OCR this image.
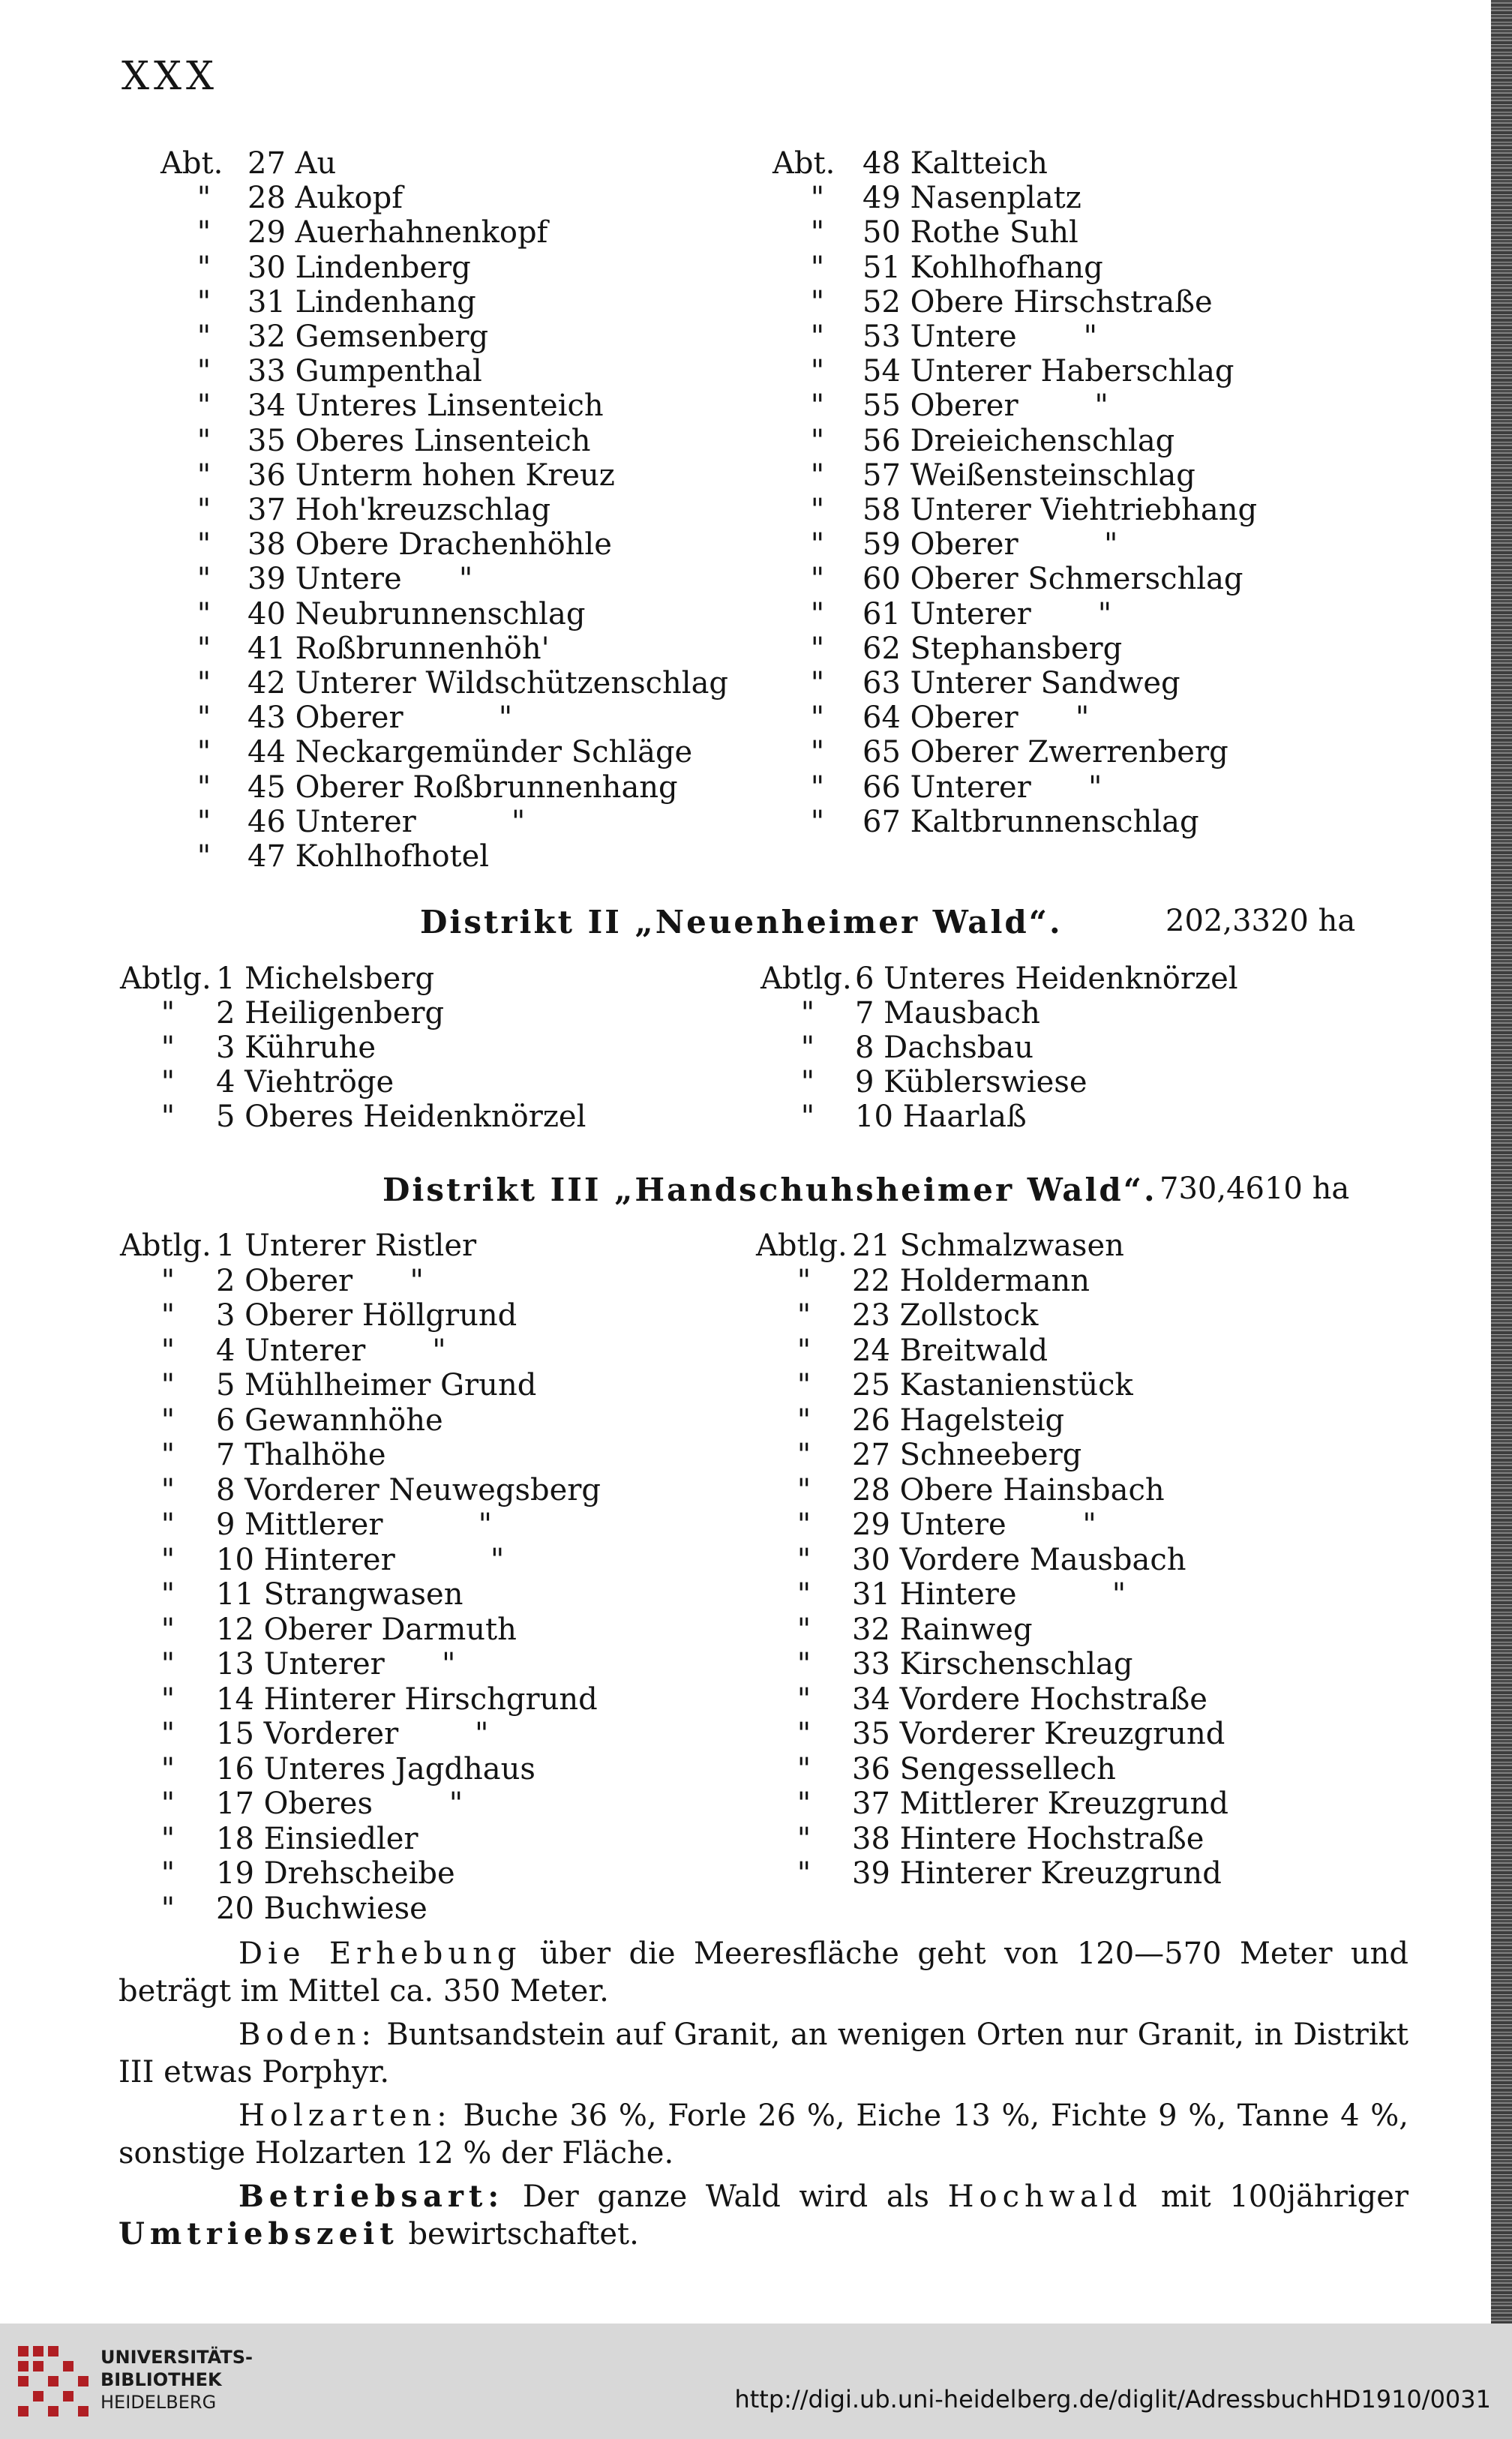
XXX
Abt. 27 Au
" 28 Aukopf
" 29 Auerhahnenkopf
" 30 Lindenberg
" 31 Lindenhang
" 32 Gemsenberg
" 33 Gumpenthal
" 34 Unteres Linsenteich
" 35 Oberes Linsenteich
" 36 Unterm hohen Kreuz
" 37 Hoh'kreuzschlag
" 38 Obere Drachenhöhle
" 39 Untere      "
" 40 Neubrunnenschlag
" 41 Roßbrunnenhöh'
" 42 Unterer Wildschützenschlag
" 43 Oberer          "
" 44 Neckargemünder Schläge
" 45 Oberer Roßbrunnenhang
" 46 Unterer          "
" 47 Kohlhofhotel
Abt. 48 Kaltteich
" 49 Nasenplatz
" 50 Rothe Suhl
" 51 Kohlhofhang
" 52 Obere Hirschstraße
" 53 Untere       "
" 54 Unterer Haberschlag
" 55 Oberer        "
" 56 Dreieichenschlag
" 57 Weißensteinschlag
" 58 Unterer Viehtriebhang
" 59 Oberer         "
" 60 Oberer Schmerschlag
" 61 Unterer       "
" 62 Stephansberg
" 63 Unterer Sandweg
" 64 Oberer      "
" 65 Oberer Zwerrenberg
" 66 Unterer      "
" 67 Kaltbrunnenschlag
Distrikt II „Neuenheimer Wald“.	202,3320 ha
Abtlg. 1 Michelsberg
" 2 Heiligenberg
" 3 Kühruhe
" 4 Viehtröge
" 5 Oberes Heidenknörzel
Abtlg. 6 Unteres Heidenknörzel
" 7 Mausbach
" 8 Dachsbau
" 9 Küblerswiese
" 10 Haarlaß
Distrikt III „Handschuhsheimer Wald“. 730,4610 ha
Abtlg. 1 Unterer Ristler
" 2 Oberer      "
" 3 Oberer Höllgrund
" 4 Unterer       "
" 5 Mühlheimer Grund
" 6 Gewannhöhe
" 7 Thalhöhe
" 8 Vorderer Neuwegsberg
" 9 Mittlerer          "
" 10 Hinterer          "
" 11 Strangwasen
" 12 Oberer Darmuth
" 13 Unterer      "
" 14 Hinterer Hirschgrund
" 15 Vorderer        "
" 16 Unteres Jagdhaus
" 17 Oberes        "
" 18 Einsiedler
" 19 Drehscheibe
" 20 Buchwiese
Abtlg. 21 Schmalzwasen
" 22 Holdermann
" 23 Zollstock
" 24 Breitwald
" 25 Kastanienstück
" 26 Hagelsteig
" 27 Schneeberg
" 28 Obere Hainsbach
" 29 Untere        "
" 30 Vordere Mausbach
" 31 Hintere          "
" 32 Rainweg
" 33 Kirschenschlag
" 34 Vordere Hochstraße
" 35 Vorderer Kreuzgrund
" 36 Sengessellech
" 37 Mittlerer Kreuzgrund
" 38 Hintere Hochstraße
" 39 Hinterer Kreuzgrund
Die Erhebung über die Meeresfläche geht von 120—570 Meter und beträgt im Mittel ca. 350 Meter.
Boden: Buntsandstein auf Granit, an wenigen Orten nur Granit, in Distrikt III etwas Porphyr.
Holzarten: Buche 36 %, Forle 26 %, Eiche 13 %, Fichte 9 %, Tanne 4 %, sonstige Holzarten 12 % der Fläche.
Betriebsart: Der ganze Wald wird als Hochwald mit 100jähriger Umtriebszeit bewirtschaftet.
UNIVERSITÄTS-
BIBLIOTHEK
HEIDELBERG	http://digi.ub.uni-heidelberg.de/diglit/AdressbuchHD1910/0031
